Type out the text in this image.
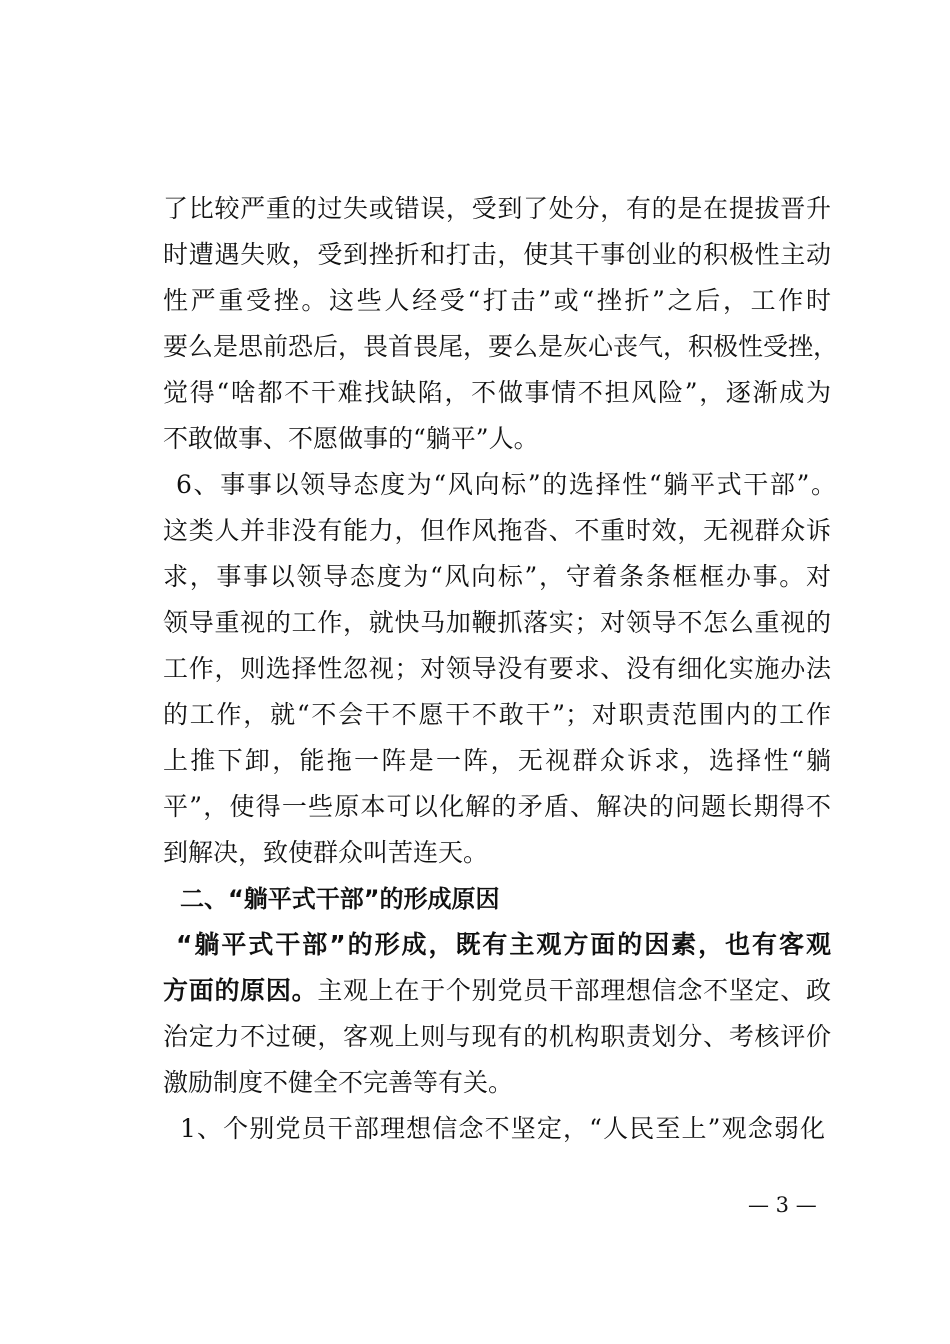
了比较严重的过失或错误，受到了处分，有的是在提拔晋升
时遭遇失败，受到挫折和打击，使其干事创业的积极性主动
性严重受挫。这些人经受“打击”或“挫折”之后，工作时
要么是思前恐后，畏首畏尾，要么是灰心丧气，积极性受挫，
觉得“啥都不干难找缺陷，不做事情不担风险”，逐渐成为
不敢做事、不愿做事的“躺平”人。
6、事事以领导态度为“风向标”的选择性“躺平式干部”。
这类人并非没有能力，但作风拖沓、不重时效，无视群众诉
求，事事以领导态度为“风向标”，守着条条框框办事。对
领导重视的工作，就快马加鞭抓落实；对领导不怎么重视的
工作，则选择性忽视；对领导没有要求、没有细化实施办法
的工作，就“不会干不愿干不敢干”；对职责范围内的工作
上推下卸，能拖一阵是一阵，无视群众诉求，选择性“躺
平”，使得一些原本可以化解的矛盾、解决的问题长期得不
到解决，致使群众叫苦连天。
二、“躺平式干部”的形成原因
“躺平式干部”的形成，既有主观方面的因素，也有客观
方面的原因。主观上在于个别党员干部理想信念不坚定、政
治定力不过硬，客观上则与现有的机构职责划分、考核评价
激励制度不健全不完善等有关。
1、个别党员干部理想信念不坚定，“人民至上”观念弱化
— 3 —
